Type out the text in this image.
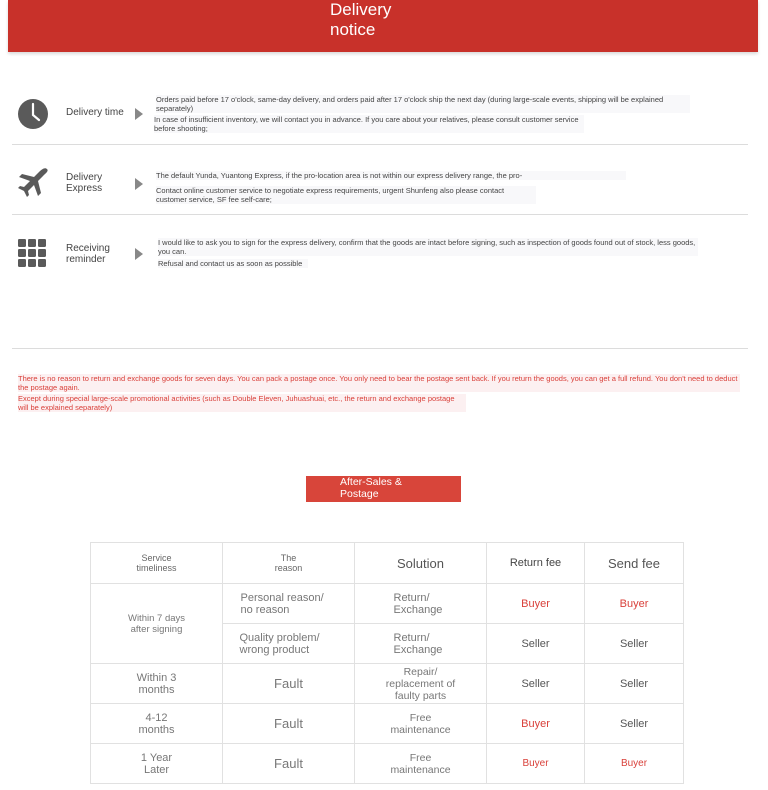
Delivery notice
Delivery time
Orders paid before 17 o'clock, same-day delivery, and orders paid after 17 o'clock ship the next day (during large-scale events, shipping will be explained separately)
In case of insufficient inventory, we will contact you in advance. If you care about your relatives, please consult customer service before shooting;
Delivery Express
The default Yunda, Yuantong Express, if the pro-location area is not within our express delivery range, the pro-
Contact online customer service to negotiate express requirements, urgent Shunfeng also please contact customer service, SF fee self-care;
Receiving reminder
I would like to ask you to sign for the express delivery, confirm that the goods are intact before signing, such as inspection of goods found out of stock, less goods, you can.
Refusal and contact us as soon as possible
There is no reason to return and exchange goods for seven days. You can pack a postage once. You only need to bear the postage sent back. If you return the goods, you can get a full refund. You don't need to deduct the postage again.
Except during special large-scale promotional activities (such as Double Eleven, Juhuashuai, etc., the return and exchange postage will be explained separately)
After-Sales & Postage
Service timeliness	The reason	Solution	Return fee	Send fee

Within 7 days after signing	Personal reason/ no reason	Return/ Exchange	Buyer	Buyer

	Quality problem/ wrong product	Return/ Exchange	Seller	Seller

Within 3 months	Fault	Repair/ replacement of faulty parts	Seller	Seller

4-12 months	Fault	Free maintenance	Buyer	Seller

1 Year Later	Fault	Free maintenance	Buyer	Buyer
